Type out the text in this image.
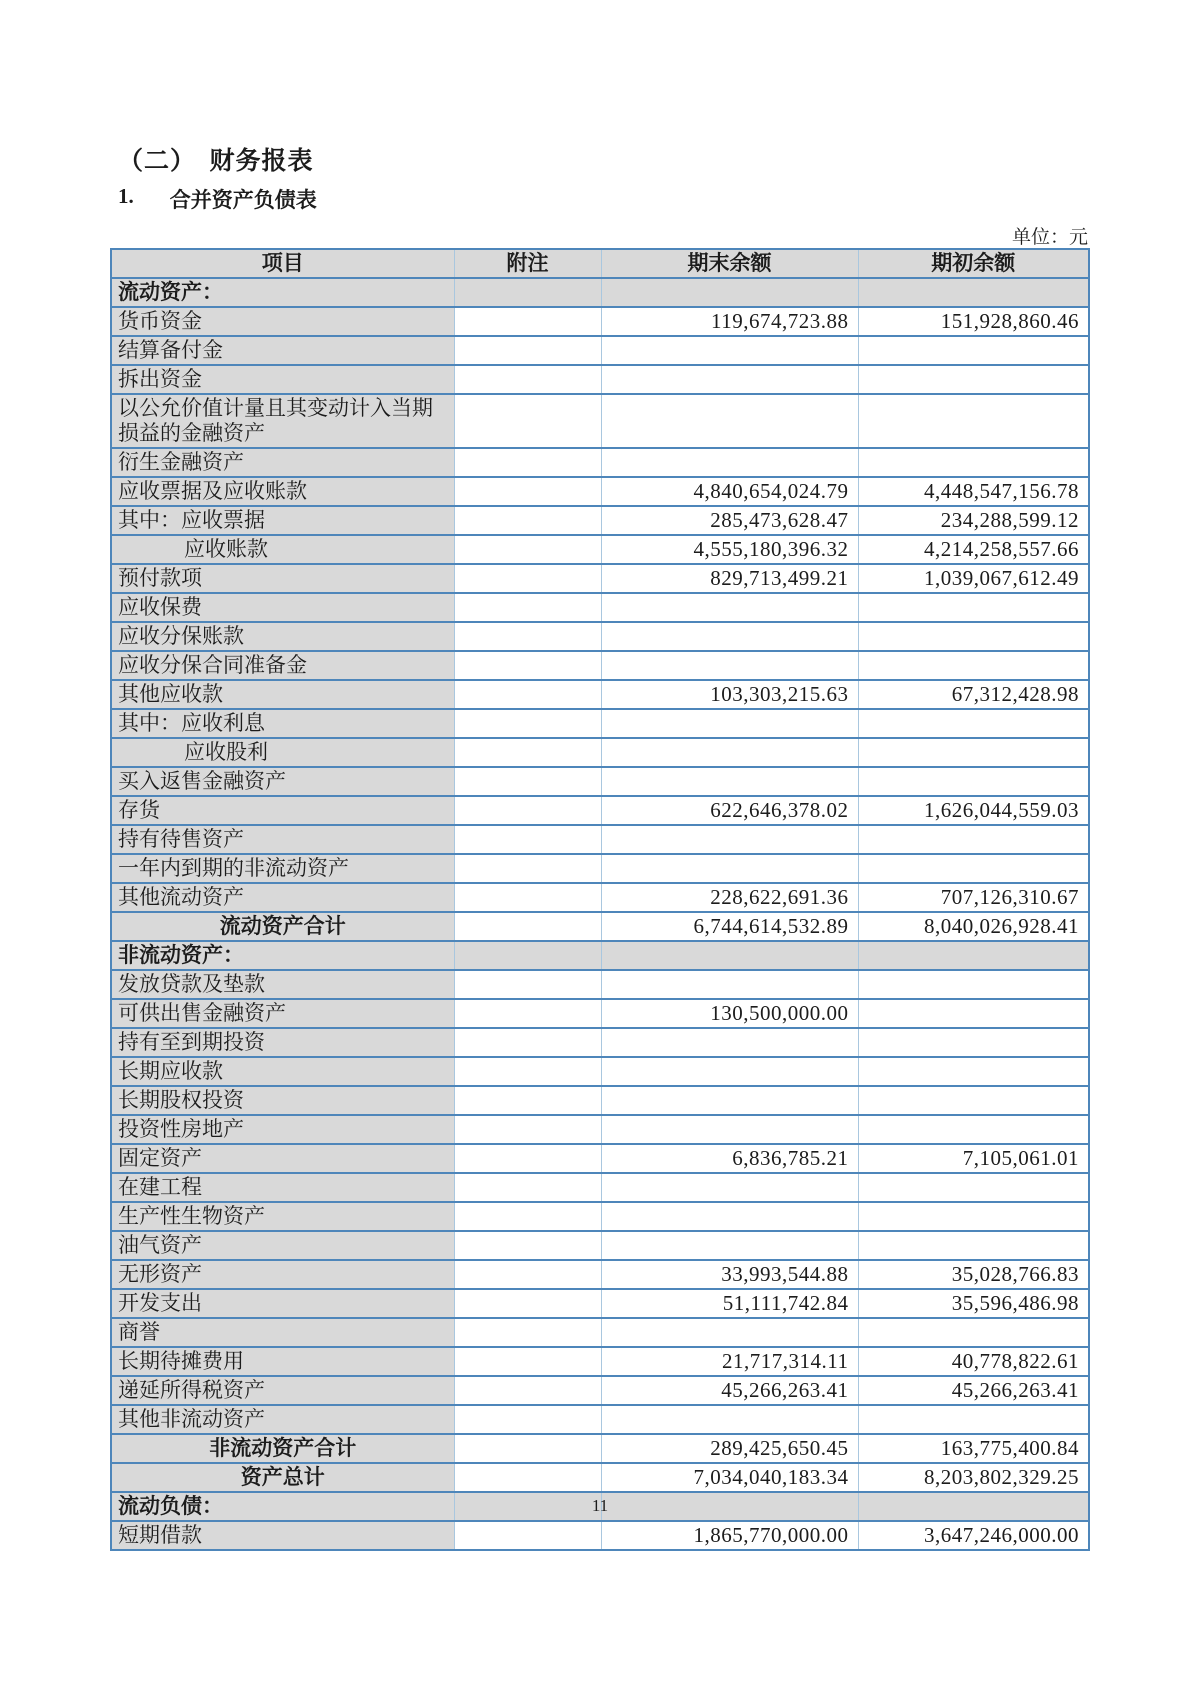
（二）　财务报表
1. 合并资产负债表
单位：元
项目	附注	期末余额	期初余额
流动资产：			
货币资金		119,674,723.88	151,928,860.46
结算备付金			
拆出资金			
以公允价值计量且其变动计入当期损益的金融资产			
衍生金融资产			
应收票据及应收账款		4,840,654,024.79	4,448,547,156.78
其中：应收票据		285,473,628.47	234,288,599.12
应收账款		4,555,180,396.32	4,214,258,557.66
预付款项		829,713,499.21	1,039,067,612.49
应收保费			
应收分保账款			
应收分保合同准备金			
其他应收款		103,303,215.63	67,312,428.98
其中：应收利息			
应收股利			
买入返售金融资产			
存货		622,646,378.02	1,626,044,559.03
持有待售资产			
一年内到期的非流动资产			
其他流动资产		228,622,691.36	707,126,310.67
流动资产合计		6,744,614,532.89	8,040,026,928.41
非流动资产：			
发放贷款及垫款			
可供出售金融资产		130,500,000.00	
持有至到期投资			
长期应收款			
长期股权投资			
投资性房地产			
固定资产		6,836,785.21	7,105,061.01
在建工程			
生产性生物资产			
油气资产			
无形资产		33,993,544.88	35,028,766.83
开发支出		51,111,742.84	35,596,486.98
商誉			
长期待摊费用		21,717,314.11	40,778,822.61
递延所得税资产		45,266,263.41	45,266,263.41
其他非流动资产			
非流动资产合计		289,425,650.45	163,775,400.84
资产总计		7,034,040,183.34	8,203,802,329.25
流动负债：			
短期借款		1,865,770,000.00	3,647,246,000.00
11
